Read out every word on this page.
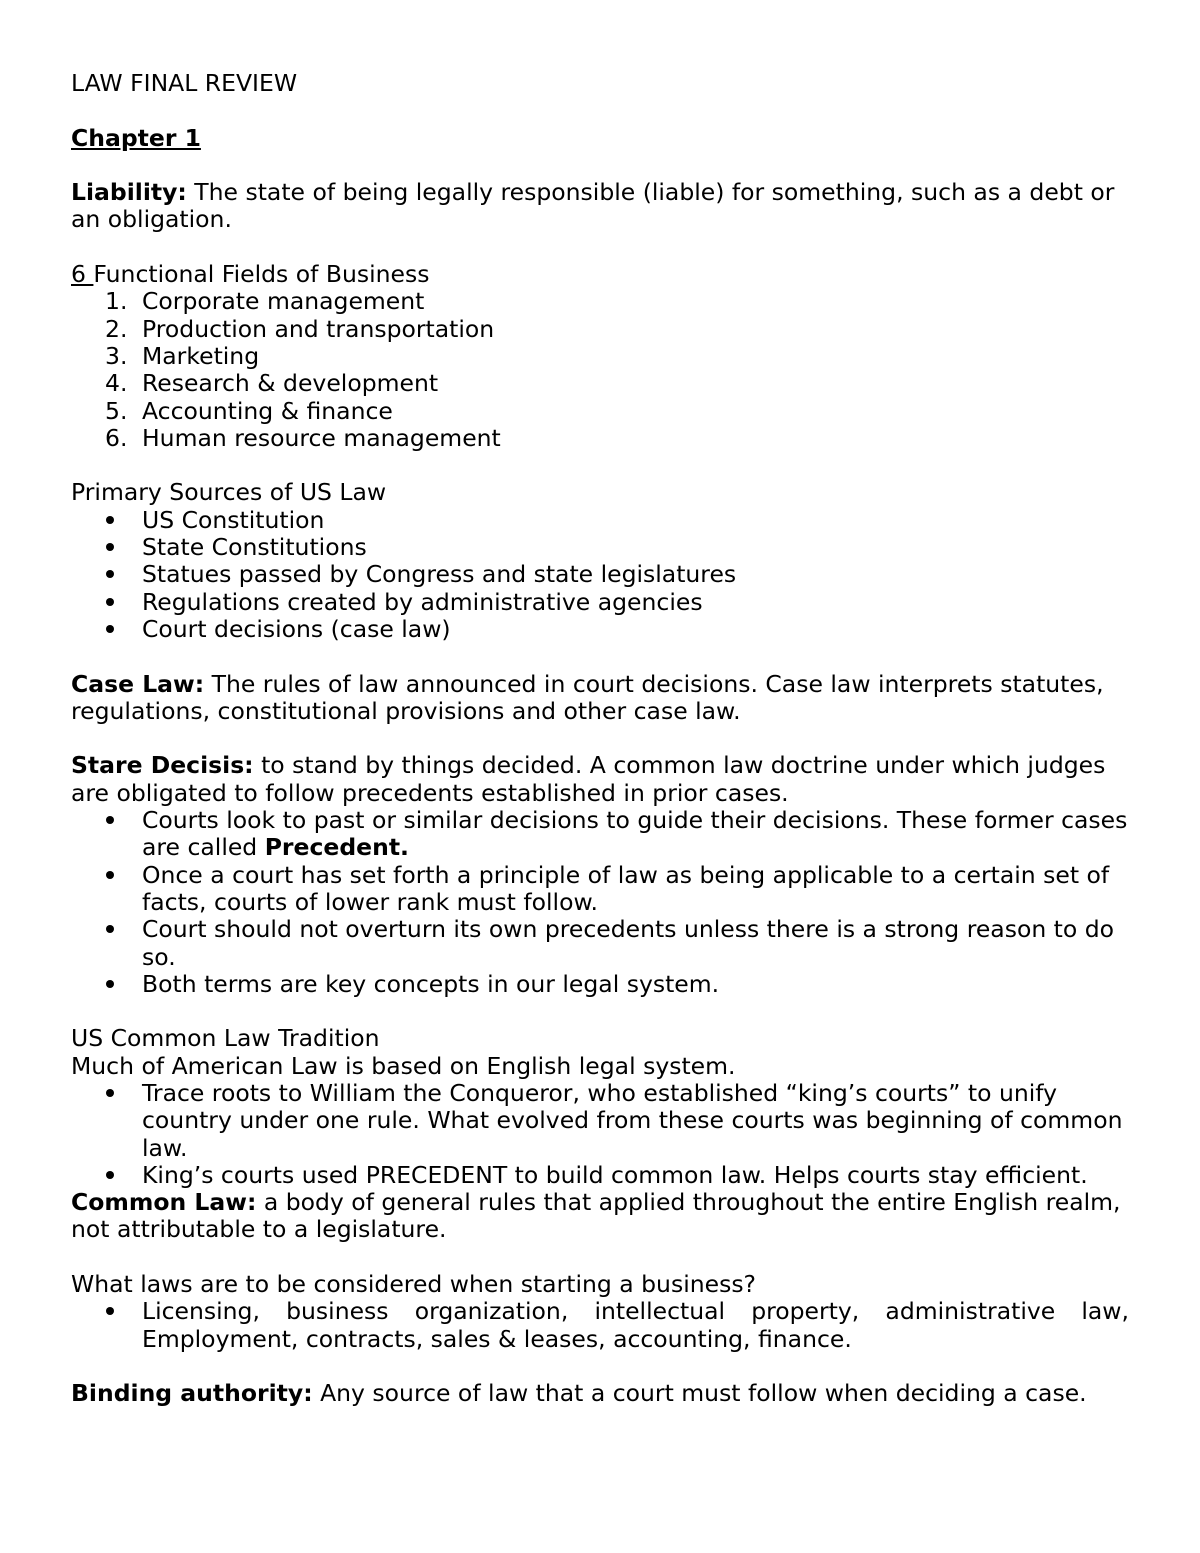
LAW FINAL REVIEW

Chapter 1

Liability: The state of being legally responsible (liable) for something, such as a debt or an obligation.

6 Functional Fields of Business

1. Corporate management
2. Production and transportation
3. Marketing
4. Research & development
5. Accounting & finance
6. Human resource management

Primary Sources of US Law

US Constitution
State Constitutions
Statues passed by Congress and state legislatures
Regulations created by administrative agencies
Court decisions (case law)

Case Law: The rules of law announced in court decisions. Case law interprets statutes, regulations, constitutional provisions and other case law.

Stare Decisis: to stand by things decided. A common law doctrine under which judges are obligated to follow precedents established in prior cases.

Courts look to past or similar decisions to guide their decisions. These former cases are called Precedent.
Once a court has set forth a principle of law as being applicable to a certain set of facts, courts of lower rank must follow.
Court should not overturn its own precedents unless there is a strong reason to do so.
Both terms are key concepts in our legal system.

US Common Law Tradition

Much of American Law is based on English legal system.

Trace roots to William the Conqueror, who established “king’s courts” to unify country under one rule. What evolved from these courts was beginning of common law.
King’s courts used PRECEDENT to build common law. Helps courts stay efficient.

Common Law: a body of general rules that applied throughout the entire English realm, not attributable to a legislature.

What laws are to be considered when starting a business?

Licensing, business organization, intellectual property, administrative law, Employment, contracts, sales & leases, accounting, finance.

Binding authority: Any source of law that a court must follow when deciding a case.
